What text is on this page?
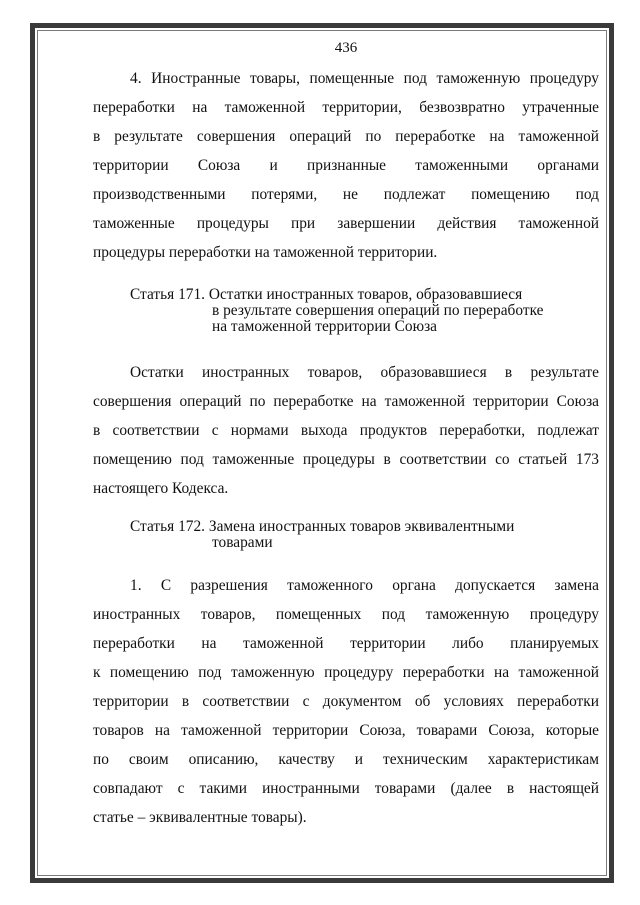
436
4. Иностранные товары, помещенные под таможенную процедуру
переработки на таможенной территории, безвозвратно утраченные
в результате совершения операций по переработке на таможенной
территории Союза и признанные таможенными органами
производственными потерями, не подлежат помещению под
таможенные процедуры при завершении действия таможенной
процедуры переработки на таможенной территории.
Статья 171. Остатки иностранных товаров, образовавшиеся
в результате совершения операций по переработке
на таможенной территории Союза
Остатки иностранных товаров, образовавшиеся в результате
совершения операций по переработке на таможенной территории Союза
в соответствии с нормами выхода продуктов переработки, подлежат
помещению под таможенные процедуры в соответствии со статьей 173
настоящего Кодекса.
Статья 172. Замена иностранных товаров эквивалентными
товарами
1. С разрешения таможенного органа допускается замена
иностранных товаров, помещенных под таможенную процедуру
переработки на таможенной территории либо планируемых
к помещению под таможенную процедуру переработки на таможенной
территории в соответствии с документом об условиях переработки
товаров на таможенной территории Союза, товарами Союза, которые
по своим описанию, качеству и техническим характеристикам
совпадают с такими иностранными товарами (далее в настоящей
статье – эквивалентные товары).
